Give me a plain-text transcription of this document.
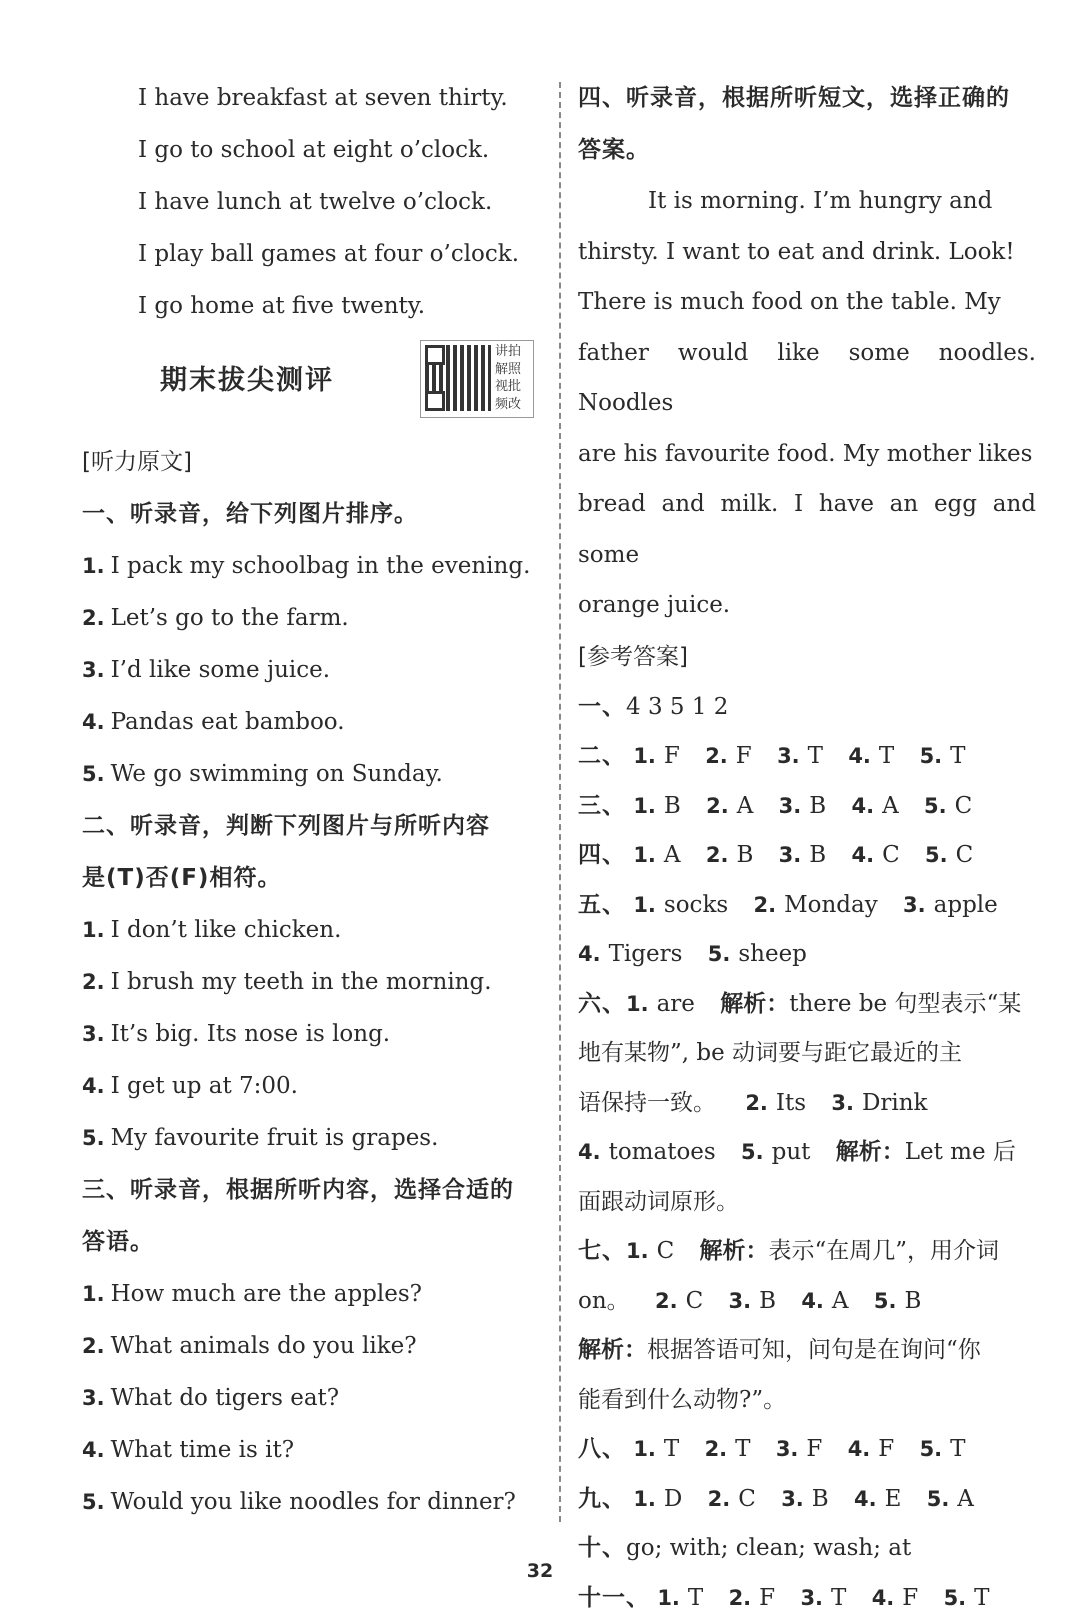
I have breakfast at seven thirty.
I go to school at eight o’clock.
I have lunch at twelve o’clock.
I play ball games at four o’clock.
I go home at five twenty.
期末拔尖测评
讲拍解照视批频改
[听力原文]
一、听录音，给下列图片排序。
1. I pack my schoolbag in the evening.
2. Let’s go to the farm.
3. I’d like some juice.
4. Pandas eat bamboo.
5. We go swimming on Sunday.
二、听录音，判断下列图片与所听内容
是(T)否(F)相符。
1. I don’t like chicken.
2. I brush my teeth in the morning.
3. It’s big. Its nose is long.
4. I get up at 7:00.
5. My favourite fruit is grapes.
三、听录音，根据所听内容，选择合适的
答语。
1. How much are the apples?
2. What animals do you like?
3. What do tigers eat?
4. What time is it?
5. Would you like noodles for dinner?
四、听录音，根据所听短文，选择正确的
答案。
It is morning. I’m hungry and
thirsty. I want to eat and drink. Look!
There is much food on the table. My
father would like some noodles. Noodles
are his favourite food. My mother likes
bread and milk. I have an egg and some
orange juice.
[参考答案]
一、4 3 5 1 2
二、 1. F 2. F 3. T 4. T 5. T
三、 1. B 2. A 3. B 4. A 5. C
四、 1. A 2. B 3. B 4. C 5. C
五、 1. socks 2. Monday 3. apple
4. Tigers 5. sheep
六、1. are 解析：there be 句型表示“某
地有某物”, be 动词要与距它最近的主
语保持一致。 2. Its 3. Drink
4. tomatoes 5. put 解析：Let me 后
面跟动词原形。
七、1. C 解析：表示“在周几”，用介词
on。 2. C 3. B 4. A 5. B
解析：根据答语可知，问句是在询问“你
能看到什么动物?”。
八、 1. T 2. T 3. F 4. F 5. T
九、 1. D 2. C 3. B 4. E 5. A
十、go; with; clean; wash; at
十一、 1. T 2. F 3. T 4. F 5. T
32
